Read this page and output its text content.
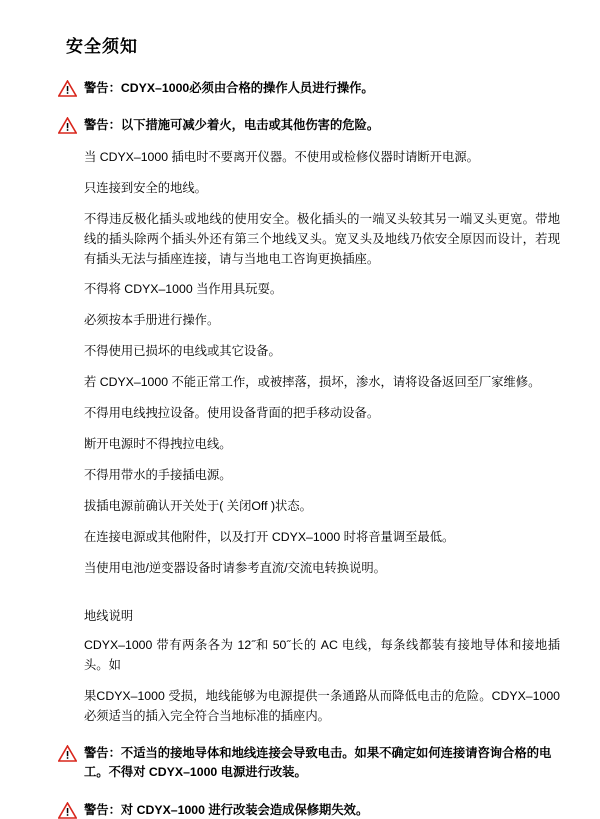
安全须知
警告：CDYX–1000必须由合格的操作人员进行操作。
警告：以下措施可减少着火，电击或其他伤害的危险。

当 CDYX–1000 插电时不要离开仪器。不使用或检修仪器时请断开电源。

只连接到安全的地线。

不得违反极化插头或地线的使用安全。极化插头的一端叉头较其另一端叉头更宽。带地线的插头除两个插头外还有第三个地线叉头。宽叉头及地线乃依安全原因而设计，若现有插头无法与插座连接，请与当地电工咨询更换插座。

不得将 CDYX–1000 当作用具玩耍。

必须按本手册进行操作。

不得使用已损坏的电线或其它设备。

若 CDYX–1000 不能正常工作，或被摔落，损坏，渗水，请将设备返回至厂家维修。

不得用电线拽拉设备。使用设备背面的把手移动设备。

断开电源时不得拽拉电线。

不得用带水的手接插电源。

拔插电源前确认开关处于( 关闭Off )状态。

在连接电源或其他附件，以及打开 CDYX–1000 时将音量调至最低。

当使用电池/逆变器设备时请参考直流/交流电转换说明。

地线说明

CDYX–1000 带有两条各为 12˝和 50˝长的 AC 电线，每条线都装有接地导体和接地插头。如

果CDYX–1000 受损，地线能够为电源提供一条通路从而降低电击的危险。CDYX–1000 必须适当的插入完全符合当地标准的插座内。

警告：不适当的接地导体和地线连接会导致电击。如果不确定如何连接请咨询合格的电工。不得对 CDYX–1000 电源进行改装。
警告：对 CDYX–1000 进行改装会造成保修期失效。
